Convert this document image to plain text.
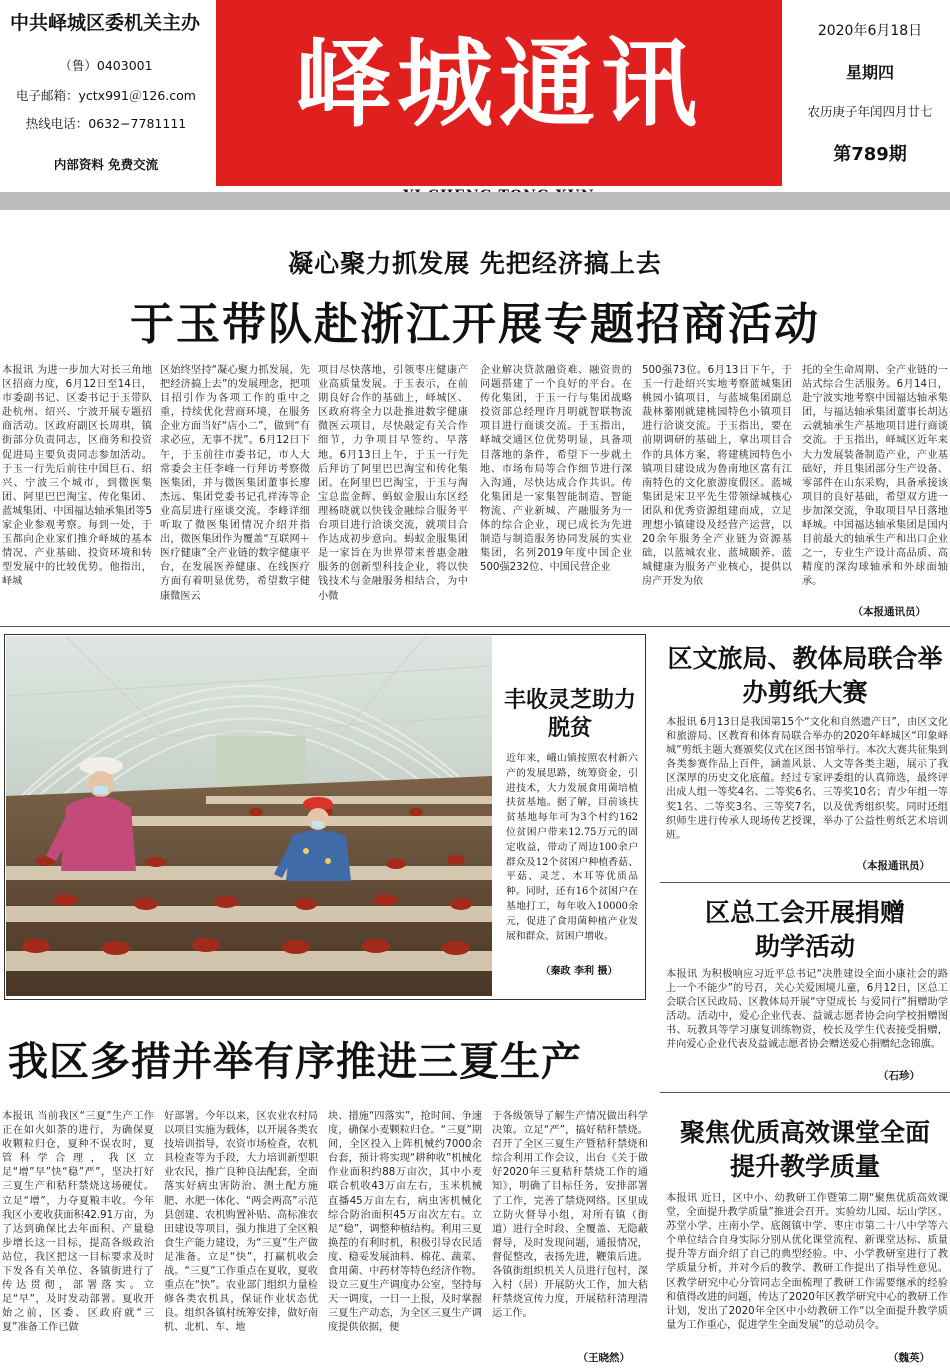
中共峄城区委机关主办
（鲁）0403001
电子邮箱：yctx991＠126.com
热线电话：0632−7781111
内部资料 免费交流
峄城通讯	2020年6月18日
星期四
农历庚子年闰四月廿七
第789期
凝心聚力抓发展 先把经济搞上去
于玉带队赴浙江开展专题招商活动

本报讯 为进一步加大对长三角地区招商力度，6月12日至14日，市委副书记、区委书记于玉带队赴杭州、绍兴、宁波开展专题招商活动。区政府副区长周琪，镇街部分负责同志，区商务和投资促进局主要负责同志参加活动。于玉一行先后前往中国巨石、绍兴、宁波三个城市，到微医集团、阿里巴巴淘宝、传化集团、蓝城集团、中国福达轴承集团等5家企业参观考察。每到一处，于玉都向企业家们推介峄城的基本情况、产业基础、投资环境和转型发展中的比较优势。他指出，峄城

区始终坚持“凝心聚力抓发展，先把经济搞上去”的发展理念，把项目招引作为各项工作的重中之重，持续优化营商环境，在服务企业方面当好“店小二”，做到“有求必应，无事不扰”。6月12日下午，于玉前往市委书记，市人大常委会主任李峰一行拜访考察微医集团，并与微医集团董事长廖杰远、集团党委书记孔祥涛等企业高层进行座谈交流。李峰详细听取了微医集团情况介绍并指出，微医集团作为覆盖“互联网＋医疗健康”全产业链的数字健康平台，在发展医养健康、在线医疗方面有着明显优势，希望数字健康微医云

项目尽快落地，引领枣庄健康产业高质量发展。于玉表示，在前期良好合作的基础上，峄城区、区政府将全力以赴推进数字健康微医云项目，尽快敲定有关合作细节，力争项目早签约、早落地。6月13日上午，于玉一行先后拜访了阿里巴巴淘宝和传化集团。在阿里巴巴淘宝，于玉与淘宝总监金辉、蚂蚁金服山东区经理杨晓就以快钱金融综合服务平台项目进行洽谈交流，就项目合作达成初步意向。蚂蚁金服集团是一家旨在为世界带来普惠金融服务的创新型科技企业，将以快钱技术与金融服务相结合，为中小微

企业解决贷款融资难、融资贵的问题搭建了一个良好的平台。在传化集团，于玉一行与集团战略投资部总经理许月明就智联物流项目进行商谈交流。于玉指出，峄城交通区位优势明显，具备项目落地的条件，希望下一步就土地、市场布局等合作细节进行深入沟通，尽快达成合作共识。传化集团是一家集智能制造、智能物流、产业新城、产融服务为一体的综合企业，现已成长为先进制造与制造服务协同发展的实业集团，名列2019年度中国企业500强232位、中国民营企业

500强73位。6月13日下午，于玉一行赴绍兴实地考察蓝城集团桃园小镇项目，与蓝城集团副总裁林蓁刚就建桃园特色小镇项目进行洽谈交流。于玉指出，要在前期调研的基础上，拿出项目合作的具体方案，将建桃园特色小镇项目建设成为鲁南地区富有江南特色的文化旅游度假区。蓝城集团是宋卫平先生带领绿城核心团队和优秀资源组建而成，立足理想小镇建设及经营产运营，以20余年服务全产业链为资源基础，以蓝城农业、蓝城颐养、蓝城健康为服务产业核心，提供以房产开发为依

托的全生命周期、全产业链的一站式综合生活服务。6月14日，赴宁波实地考察中国福达轴承集团，与福达轴承集团董事长胡达云就轴承生产基地项目进行商谈交流。于玉指出，峄城区近年来大力发展装备制造产业，产业基础好，并且集团部分生产设备、零部件在山东采购，具备承接该项目的良好基础，希望双方进一步加深交流，争取项目早日落地峄城。中国福达轴承集团是国内目前最大的轴承生产和出口企业之一，专业生产设计高品质、高精度的深沟球轴承和外球面轴承。

（本报通讯员）
丰收灵芝助力脱贫
近年来，峨山镇按照农村新六产的发展思路，统筹资金，引进技术，大力发展食用菌培植扶贫基地。据了解，目前该扶贫基地每年可为3个村约162位贫困户带来12.75万元的固定收益，带动了周边100余户群众及12个贫困户种植香菇、平菇、灵芝、木耳等优质品种。同时，还有16个贫困户在基地打工，每年收入10000余元，促进了食用菌种植产业发展和群众、贫困户增收。
（秦政 李利 摄）
区文旅局、教体局联合举办剪纸大赛

本报讯 6月13日是我国第15个“文化和自然遗产日”，由区文化和旅游局、区教育和体育局联合举办的2020年峄城区“印象峄城”剪纸主题大赛颁奖仪式在区图书馆举行。本次大赛共征集到各类参赛作品上百件，涵盖风景、人文等各类主题，展示了我区深厚的历史文化底蕴。经过专家评委组的认真筛选，最终评出成人组一等奖4名、二等奖6名、三等奖10名；青少年组一等奖1名、二等奖3名、三等奖7名，以及优秀组织奖。同时还组织师生进行传承人现场传艺授课，举办了公益性剪纸艺术培训班。

（本报通讯员）
区总工会开展捐赠助学活动

本报讯 为积极响应习近平总书记“决胜建设全面小康社会的路上一个不能少”的号召，关心关爱困境儿童，6月12日，区总工会联合区民政局、区教体局开展“守望成长 与爱同行”捐赠助学活动。活动中，爱心企业代表、益诚志愿者协会向学校捐赠图书、玩教具等学习康复训练物资，校长及学生代表接受捐赠，并向爱心企业代表及益诚志愿者协会赠送爱心捐赠纪念锦旗。

（石珍）
我区多措并举有序推进三夏生产

本报讯 当前我区“三夏”生产工作正在如火如荼的进行，为确保夏收颗粒归仓，夏种不误农时，夏管科学合理，我区立足“增”早”快“稳”严”，坚决打好三夏生产和秸秆禁烧这场硬仗。立足“增”，力夺夏粮丰收。今年我区小麦收获面积42.91万亩，为了达到确保比去年面积、产量稳步增长这一目标，提高各级政治站位，我区把这一目标要求及时下发各有关单位、各镇街进行了传达贯彻，部署落实。立足“早”，及时发动部署。夏收开始之前，区委、区政府就“三夏”准备工作已做

好部署。今年以来，区农业农村局以项目实施为载体，以开展各类农技培训指导，农资市场检查，农机具检查等为手段，大力培训新型职业农民，推广良种良法配套，全面落实好病虫害防治、测土配方施肥、水肥一体化、“两会两高”示范县创建、农机购置补贴、高标准农田建设等项目，强力推进了全区粮食生产能力建设，为“三夏”生产做足准备。立足“快”，打赢机收会战。“三夏”工作重点在夏收，夏收重点在“快”。农业部门组织力量检修各类农机具，保证作业状态优良。组织各镇村统筹安排，做好南机、北机、车、地

块、措施“四落实”，抢时间、争速度，确保小麦颗粒归仓。“三夏”期间，全区投入上阵机械约7000余台套，预计将实现“耕种收”机械化作业面积约88万亩次，其中小麦联合机收43万亩左右，玉米机械直播45万亩左右，病虫害机械化综合防治面积45万亩次左右。立足“稳”，调整种植结构。利用三夏换茬的有利时机，积极引导农民适度、稳妥发展油料、棉花、蔬菜、食用菌、中药材等特色经济作物。设立三夏生产调度办公室，坚持每天一调度，一日一上报，及时掌握三夏生产动态，为全区三夏生产调度提供依据，便

于各级领导了解生产情况做出科学决策。立足“严”，搞好秸秆禁烧。召开了全区三夏生产暨秸秆禁烧和综合利用工作会议，出台《关于做好2020年三夏秸秆禁烧工作的通知》，明确了目标任务，安排部署了工作，完善了禁烧网络。区里成立防火督导小组，对所有镇（街道）进行全时段、全覆盖、无隐蔽督导，及时发现问题，通报情况，督促整改，表扬先进，鞭策后进。各镇街组织机关人员进行包村，深入村（居）开展防火工作，加大秸秆禁烧宣传力度，开展秸秆清理清运工作。

（王晓然）
聚焦优质高效课堂全面提升教学质量

本报讯 近日，区中小、幼教研工作暨第二期“聚焦优质高效课堂，全面提升教学质量”推进会召开。实验幼儿园、坛山学区、苏堂小学、庄南小学、底阁镇中学、枣庄市第二十八中学等六个单位结合自身实际分别从优化课堂流程、新课堂达标、质量提升等方面介绍了自己的典型经验。中、小学教研室进行了教学质量分析，并对今后的教学、教研工作提出了指导性意见。区教学研究中心分管同志全面梳理了教研工作需要继承的经验和值得改进的问题，传达了2020年区教学研究中心的教研工作计划，发出了2020年全区中小幼教研工作“以全面提升教学质量为工作重心，促进学生全面发展”的总动员令。

（魏英）
